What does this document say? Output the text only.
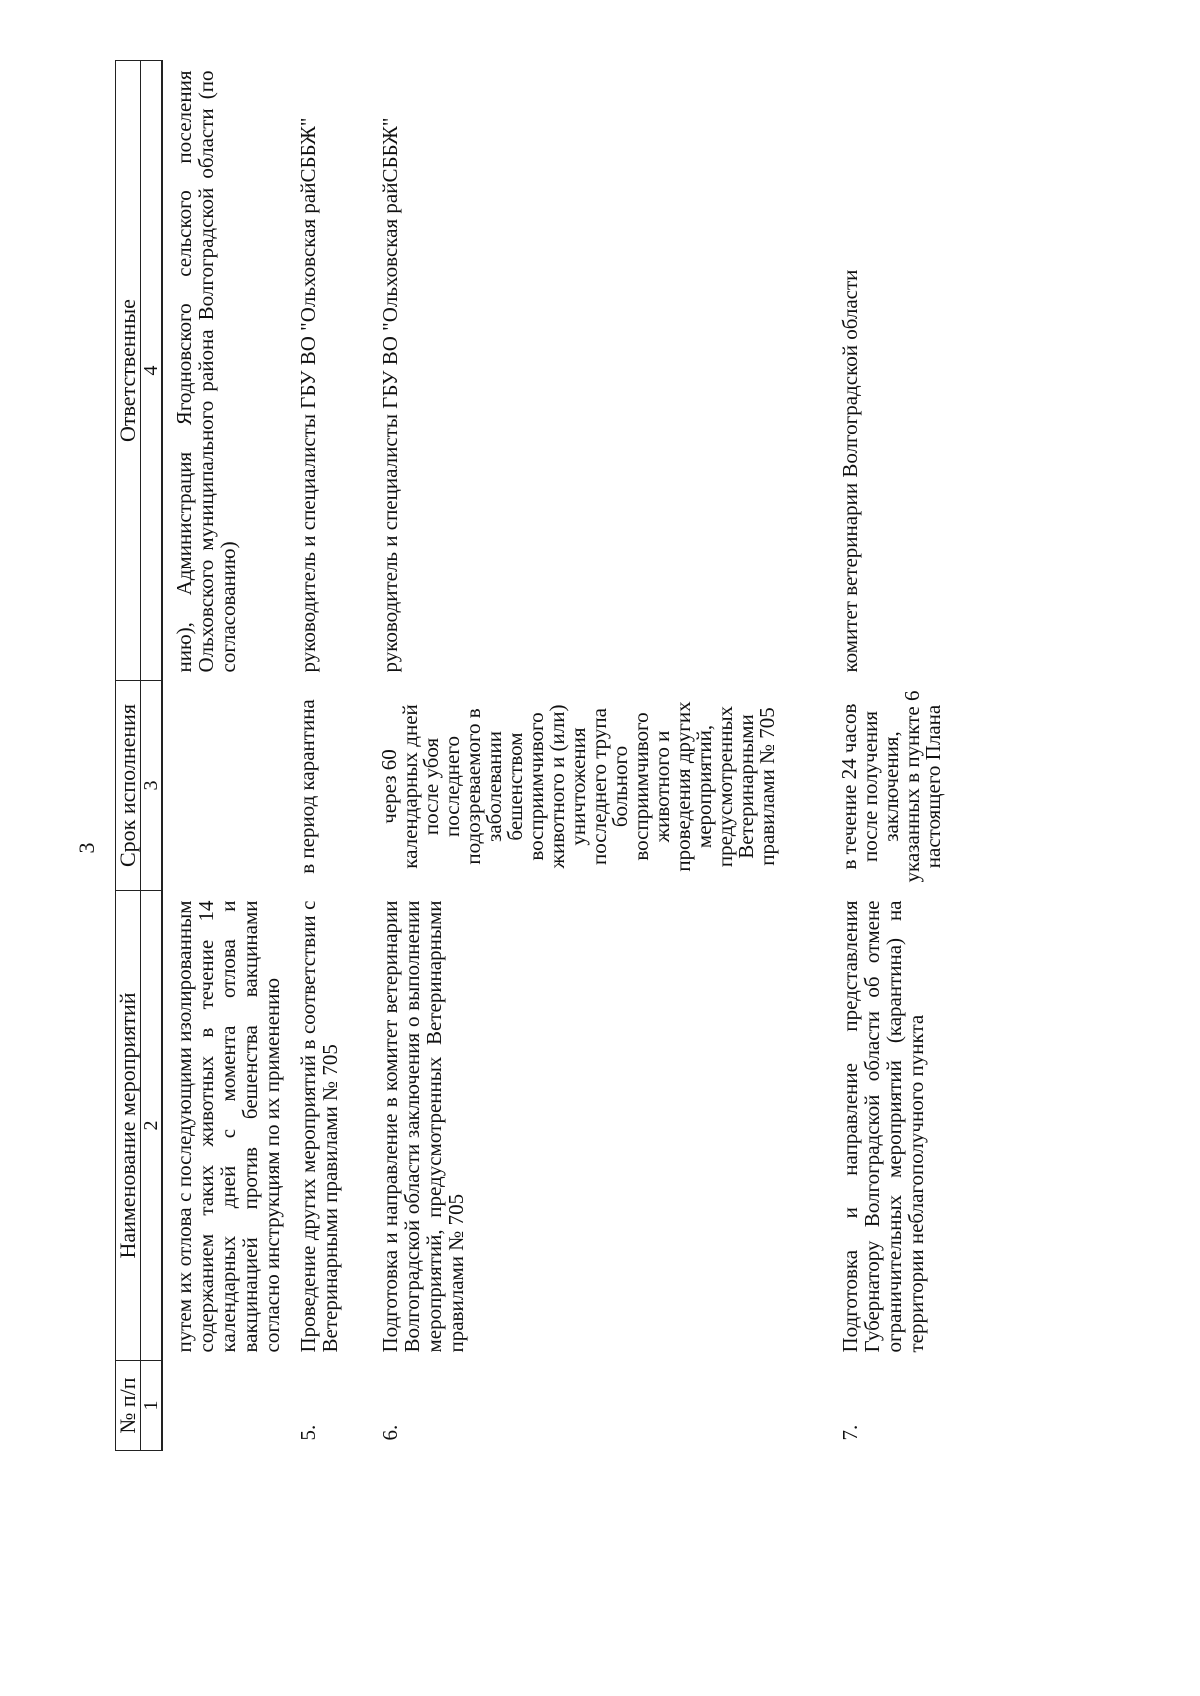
3
№ п/п	Наименование мероприятий	Срок исполнения	Ответственные
1	2	3	4
	путем их отлова с последующими изолированным содержанием таких животных в течение 14 календарных дней с момента отлова и вакцинацией против бешенства вакцинами согласно инструкциям по их применению		нию), Администрация Ягодновского сельского поселения Ольховского муниципального района Волгоградской области (по согласованию)
5.	Проведение других мероприятий в соответствии с Ветеринарными правилами № 705	в период карантина	руководитель и специалисты ГБУ ВО "Ольховская райСББЖ"
6.	Подготовка и направление в комитет ветеринарии Волгоградской области заключения о выполнении мероприятий, предусмотренных Ветеринарными правилами № 705	через 60 календарных дней после убоя последнего подозреваемого в заболевании бешенством восприимчивого животного и (или) уничтожения последнего трупа больного восприимчивого животного и проведения других мероприятий, предусмотренных Ветеринарными правилами № 705	руководитель и специалисты ГБУ ВО "Ольховская райСББЖ"
7.	Подготовка и направление представления Губернатору Волгоградской области об отмене ограничительных мероприятий (карантина) на территории неблагополучного пункта	в течение 24 часов после получения заключения, указанных в пункте 6 настоящего Плана	комитет ветеринарии Волгоградской области
